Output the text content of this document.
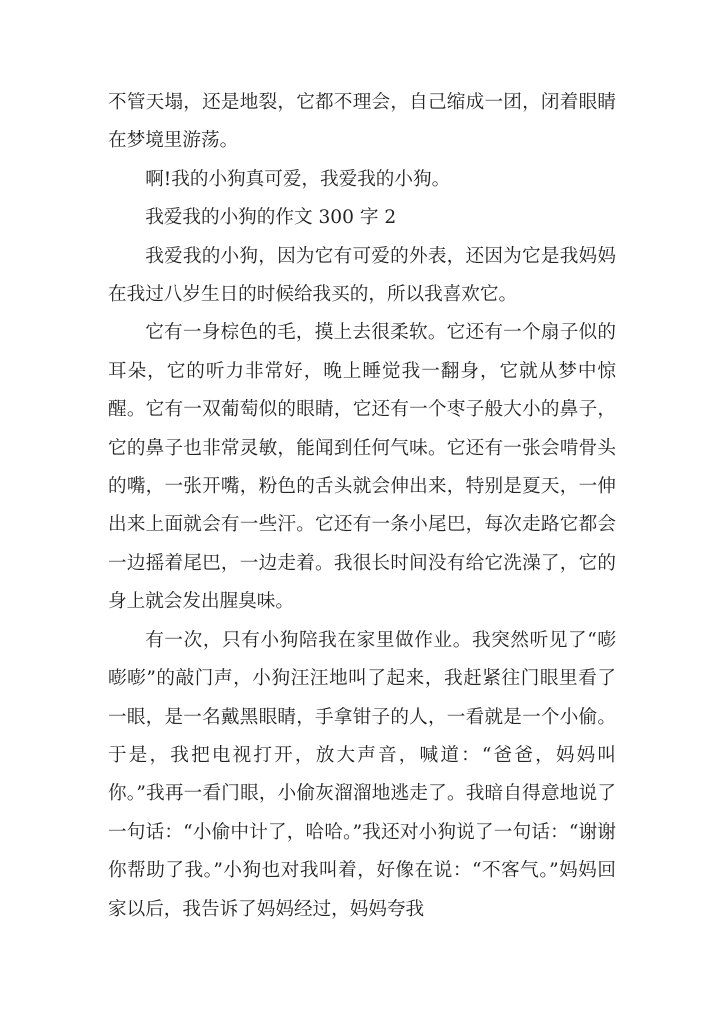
不管天塌，还是地裂，它都不理会，自己缩成一团，闭着眼睛在梦境里游荡。

啊!我的小狗真可爱，我爱我的小狗。

我爱我的小狗的作文 300 字 2

我爱我的小狗，因为它有可爱的外表，还因为它是我妈妈在我过八岁生日的时候给我买的，所以我喜欢它。

它有一身棕色的毛，摸上去很柔软。它还有一个扇子似的耳朵，它的听力非常好，晚上睡觉我一翻身，它就从梦中惊醒。它有一双葡萄似的眼睛，它还有一个枣子般大小的鼻子，它的鼻子也非常灵敏，能闻到任何气味。它还有一张会啃骨头的嘴，一张开嘴，粉色的舌头就会伸出来，特别是夏天，一伸出来上面就会有一些汗。它还有一条小尾巴，每次走路它都会一边摇着尾巴，一边走着。我很长时间没有给它洗澡了，它的身上就会发出腥臭味。

有一次，只有小狗陪我在家里做作业。我突然听见了“嘭嘭嘭”的敲门声，小狗汪汪地叫了起来，我赶紧往门眼里看了一眼，是一名戴黑眼睛，手拿钳子的人，一看就是一个小偷。于是，我把电视打开，放大声音，喊道：“爸爸，妈妈叫你。”我再一看门眼，小偷灰溜溜地逃走了。我暗自得意地说了一句话：“小偷中计了，哈哈。”我还对小狗说了一句话：“谢谢你帮助了我。”小狗也对我叫着，好像在说：“不客气。”妈妈回家以后，我告诉了妈妈经过，妈妈夸我
